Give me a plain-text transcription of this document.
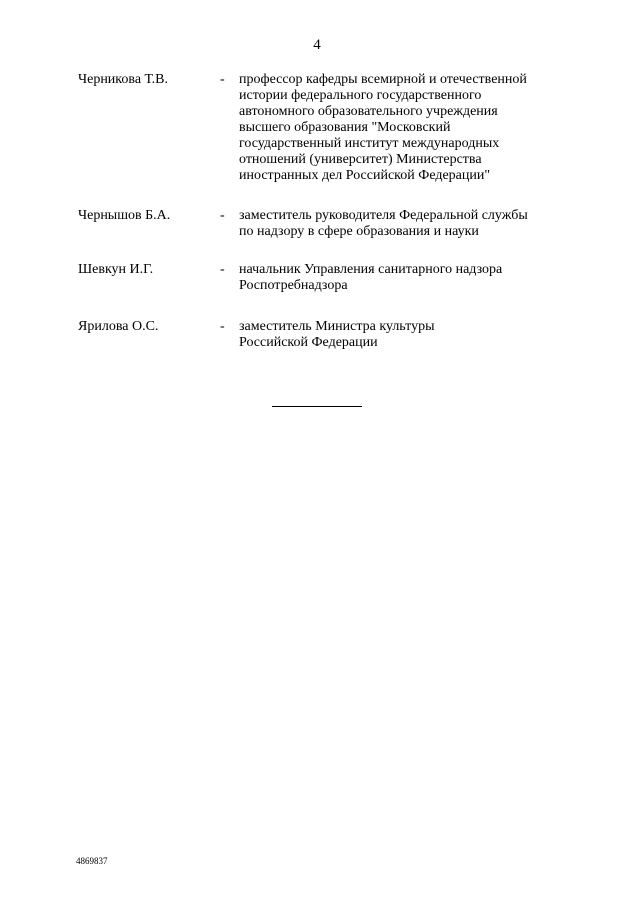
4
Черникова Т.В.	-	профессор кафедры всемирной и отечественной
истории федерального государственного
автономного образовательного учреждения
высшего образования "Московский
государственный институт международных
отношений (университет) Министерства
иностранных дел Российской Федерации"
Чернышов Б.А.	-	заместитель руководителя Федеральной службы
по надзору в сфере образования и науки
Шевкун И.Г.	-	начальник Управления санитарного надзора
Роспотребнадзора
Ярилова О.С.	-	заместитель Министра культуры
Российской Федерации
4869837
